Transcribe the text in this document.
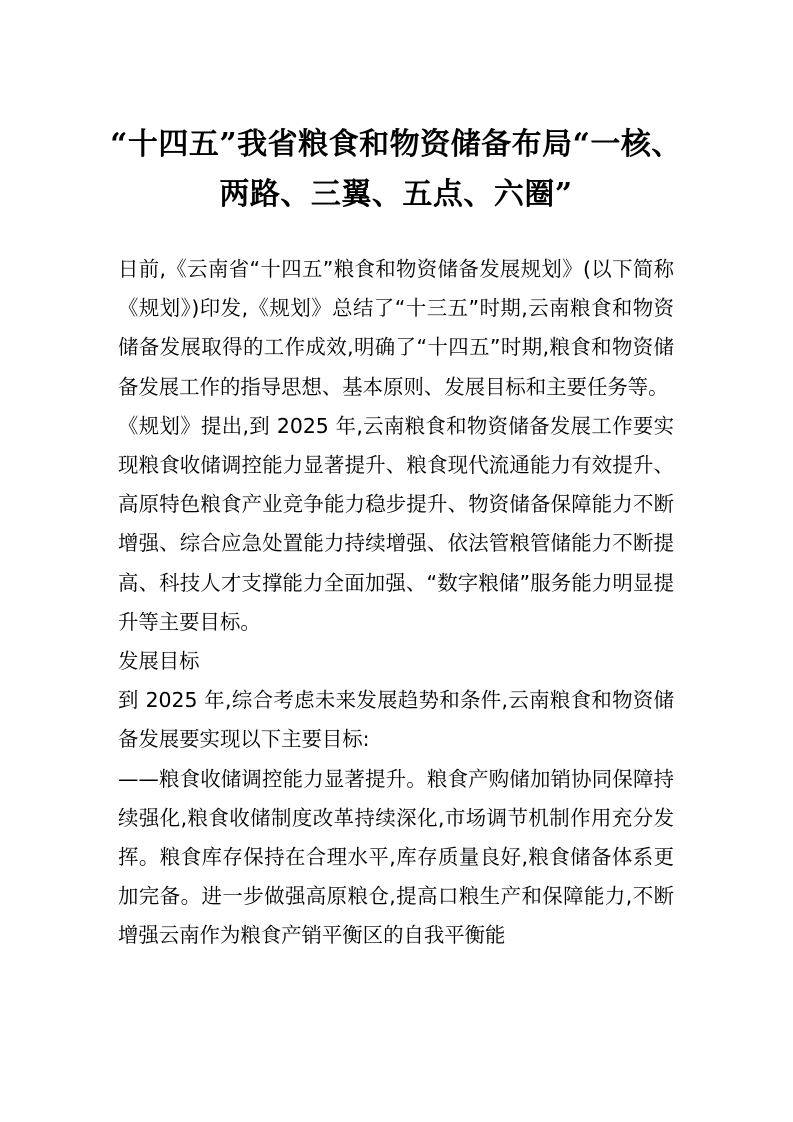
“十四五”我省粮食和物资储备布局“一核、
两路、三翼、五点、六圈”

日前,《云南省“十四五”粮食和物资储备发展规划》(以下简称《规划》)印发,《规划》总结了“十三五”时期,云南粮食和物资储备发展取得的工作成效,明确了“十四五”时期,粮食和物资储备发展工作的指导思想、基本原则、发展目标和主要任务等。

《规划》提出,到 2025 年,云南粮食和物资储备发展工作要实现粮食收储调控能力显著提升、粮食现代流通能力有效提升、高原特色粮食产业竞争能力稳步提升、物资储备保障能力不断增强、综合应急处置能力持续增强、依法管粮管储能力不断提高、科技人才支撑能力全面加强、“数字粮储”服务能力明显提升等主要目标。

发展目标

到 2025 年,综合考虑未来发展趋势和条件,云南粮食和物资储备发展要实现以下主要目标:

——粮食收储调控能力显著提升。粮食产购储加销协同保障持续强化,粮食收储制度改革持续深化,市场调节机制作用充分发挥。粮食库存保持在合理水平,库存质量良好,粮食储备体系更加完备。进一步做强高原粮仓,提高口粮生产和保障能力,不断增强云南作为粮食产销平衡区的自我平衡能
